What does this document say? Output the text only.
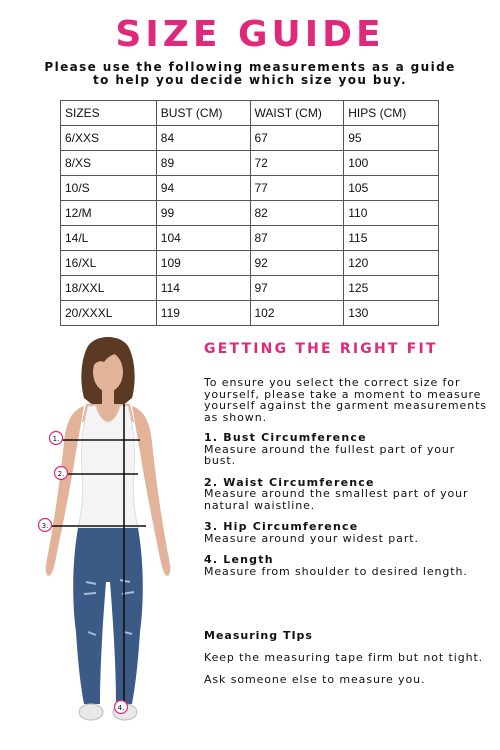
SIZE GUIDE
Please use the following measurements as a guide
to help you decide which size you buy.
SIZES	BUST (CM)	WAIST (CM)	HIPS (CM)
6/XXS	84	67	95
8/XS	89	72	100
10/S	94	77	105
12/M	99	82	110
14/L	104	87	115
16/XL	109	92	120
18/XXL	114	97	125
20/XXXL	119	102	130
1.
2.
3.
4.
GETTING THE RIGHT FIT
To ensure you select the correct size for yourself, please take a moment to measure yourself against the garment measurements as shown.
1. Bust Circumference
Measure around the fullest part of your bust.
2. Waist Circumference
Measure around the smallest part of your natural waistline.
3. Hip Circumference
Measure around your widest part.
4. Length
Measure from shoulder to desired length.
Measuring TIps
Keep the measuring tape firm but not tight.
Ask someone else to measure you.
